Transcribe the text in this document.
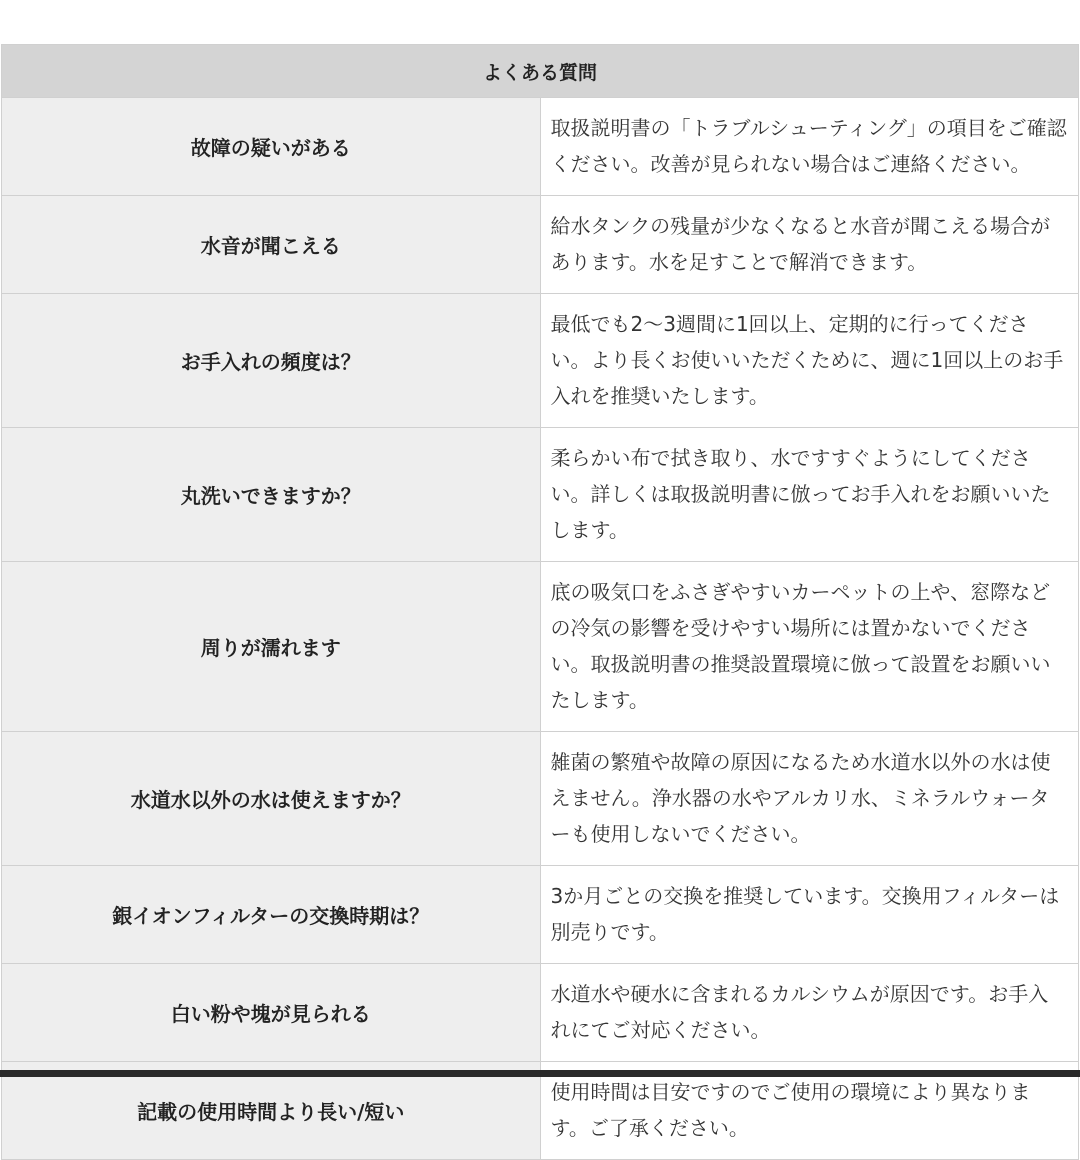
よくある質問	
故障の疑いがある	取扱説明書の「トラブルシューティング」の項目をご確認ください。改善が見られない場合はご連絡ください。
水音が聞こえる	給水タンクの残量が少なくなると水音が聞こえる場合があります。水を足すことで解消できます。
お手入れの頻度は？	最低でも2〜3週間に1回以上、定期的に行ってください。より長くお使いいただくために、週に1回以上のお手入れを推奨いたします。
丸洗いできますか？	柔らかい布で拭き取り、水ですすぐようにしてください。詳しくは取扱説明書に倣ってお手入れをお願いいたします。
周りが濡れます	底の吸気口をふさぎやすいカーペットの上や、窓際などの冷気の影響を受けやすい場所には置かないでください。取扱説明書の推奨設置環境に倣って設置をお願いいたします。
水道水以外の水は使えますか？	雑菌の繁殖や故障の原因になるため水道水以外の水は使えません。浄水器の水やアルカリ水、ミネラルウォーターも使用しないでください。
銀イオンフィルターの交換時期は？	3か月ごとの交換を推奨しています。交換用フィルターは別売りです。
白い粉や塊が見られる	水道水や硬水に含まれるカルシウムが原因です。お手入れにてご対応ください。
記載の使用時間より長い/短い	使用時間は目安ですのでご使用の環境により異なります。ご了承ください。
